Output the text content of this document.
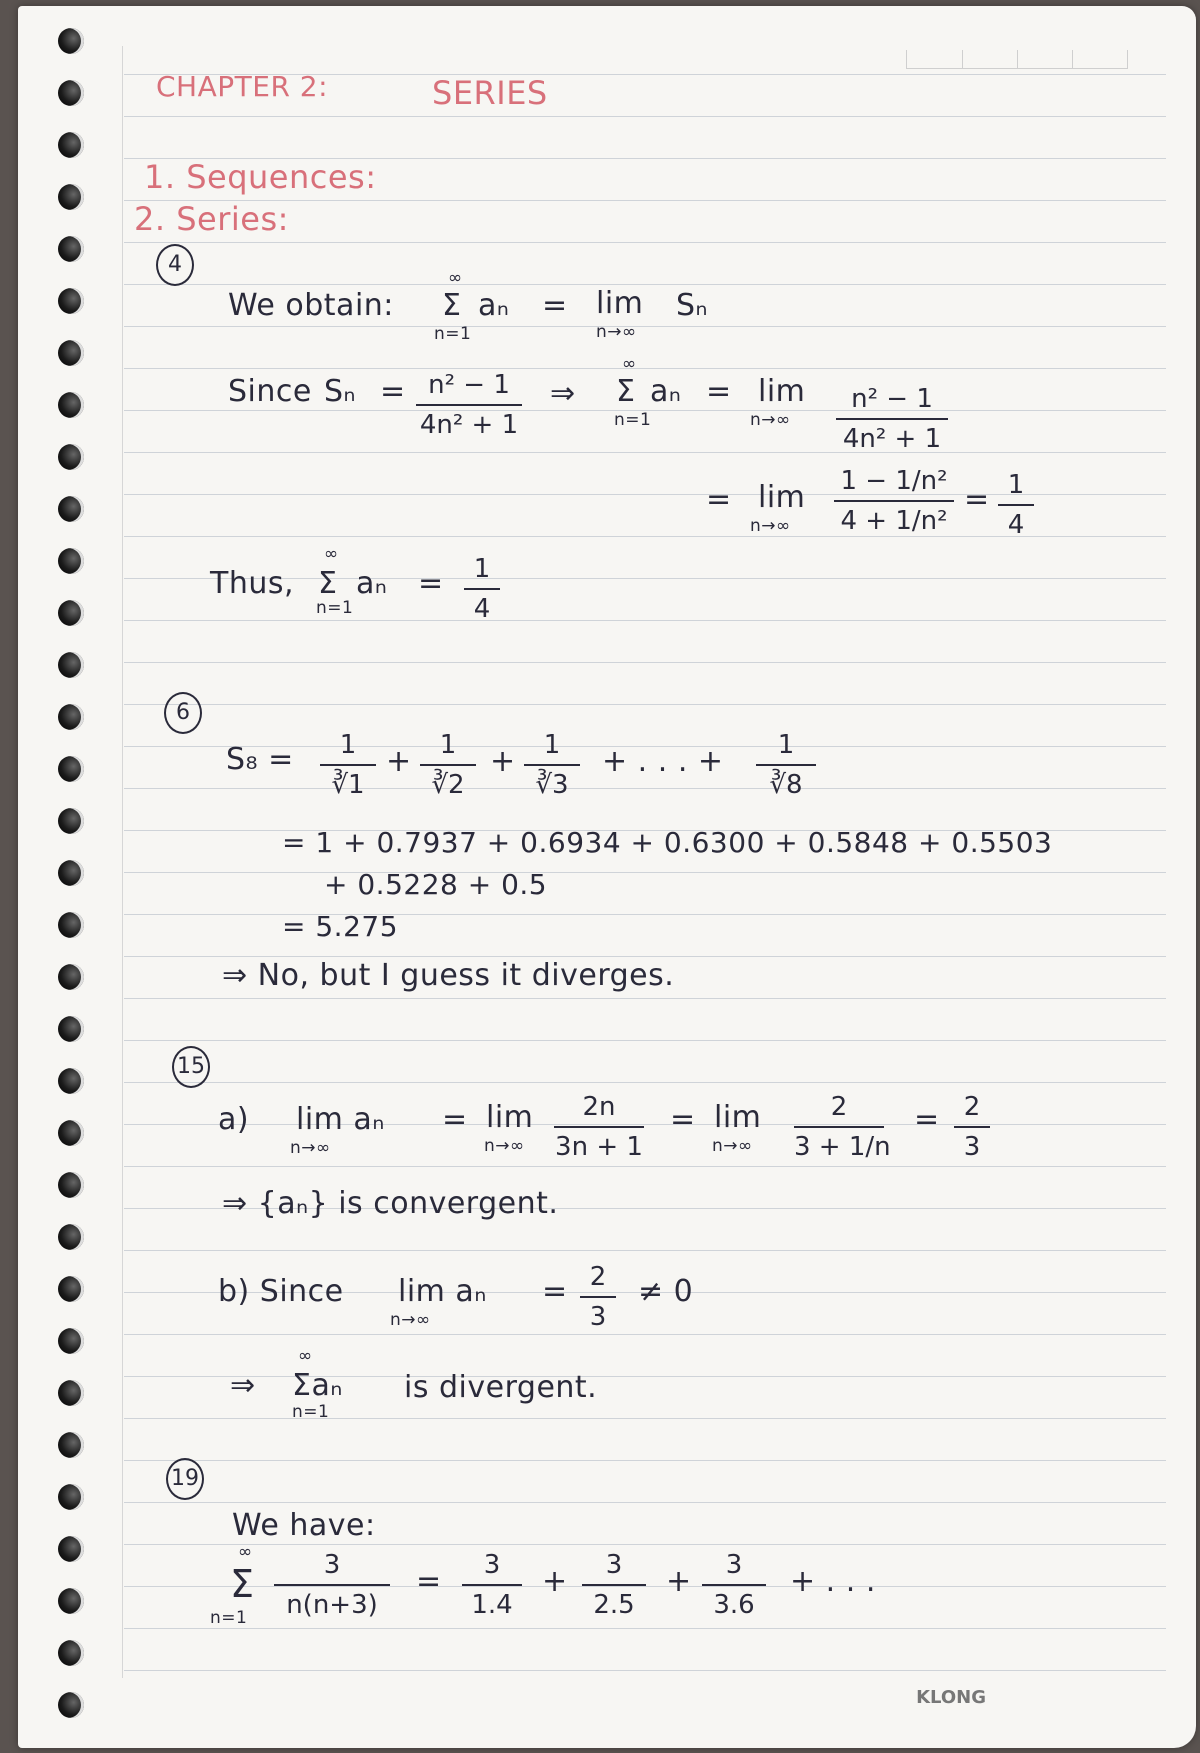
CHAPTER 2:	SERIES
1. Sequences:
2. Series:
4
We obtain: Σ
∞
n=1
aₙ = lim
n→∞
Sₙ
Since Sₙ = n² − 1
4n² + 1
⇒ Σ
∞
n=1
aₙ = lim
n→∞
n² − 1
4n² + 1
= lim
n→∞
1 − 1/n²
4 + 1/n²
= 1
4
Thus, Σ
∞
n=1
aₙ =	1
4
6
S₈ =	1
∛1
+	1
∛2
+	1
∛3
+ . . . +	1
∛8
= 1 + 0.7937 + 0.6934 + 0.6300 + 0.5848 + 0.5503
+ 0.5228 + 0.5
= 5.275
⇒ No, but I guess it diverges.
15
a) lim aₙ
n→∞
= lim
n→∞
2n
3n + 1
= lim
n→∞
2
3 + 1/n
= 2
3
⇒ {aₙ} is convergent.
b) Since lim aₙ
n→∞
= 2
3
≠ 0
⇒
∞
Σaₙ
n=1
is divergent.
19
We have:
∞
Σ
n=1
3
n(n+3)
=	3
1.4
+	3
2.5
+	3
3.6
+ . . .
KLONG
